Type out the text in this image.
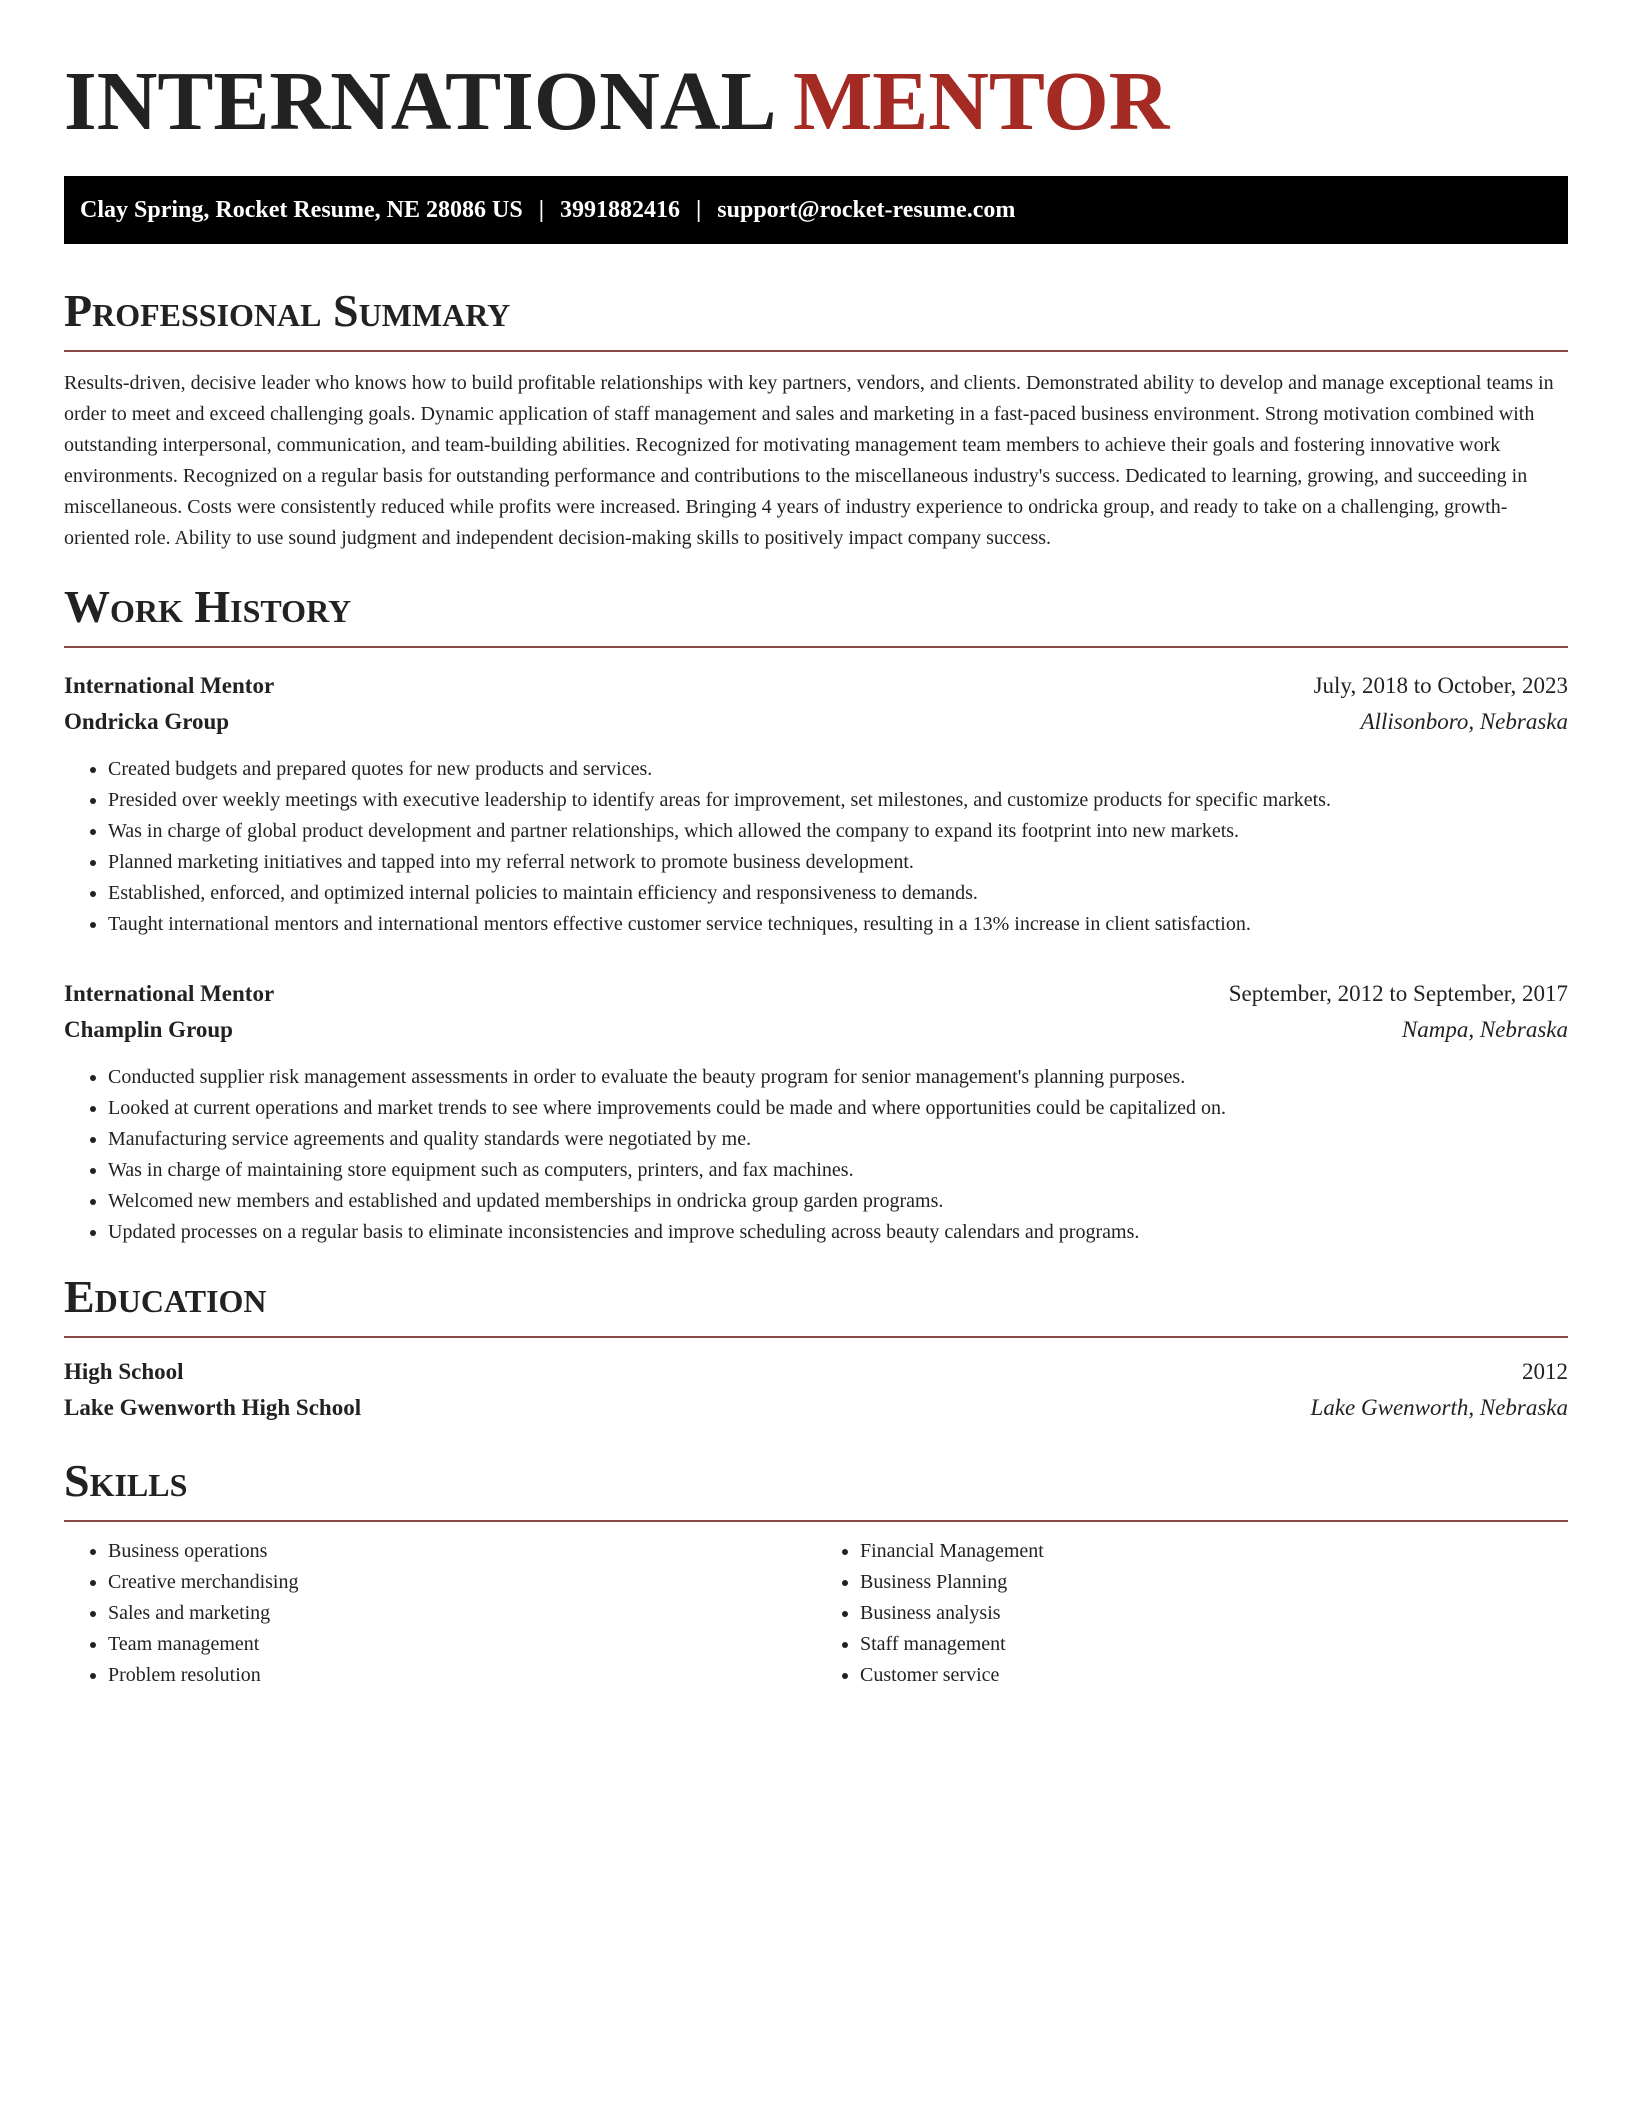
INTERNATIONAL MENTOR
Clay Spring, Rocket Resume, NE 28086 US | 3991882416 | support@rocket-resume.com
Professional Summary

Results-driven, decisive leader who knows how to build profitable relationships with key partners, vendors, and clients. Demonstrated ability to develop and manage exceptional teams in order to meet and exceed challenging goals. Dynamic application of staff management and sales and marketing in a fast-paced business environment. Strong motivation combined with outstanding interpersonal, communication, and team-building abilities. Recognized for motivating management team members to achieve their goals and fostering innovative work environments. Recognized on a regular basis for outstanding performance and contributions to the miscellaneous industry's success. Dedicated to learning, growing, and succeeding in miscellaneous. Costs were consistently reduced while profits were increased. Bringing 4 years of industry experience to ondricka group, and ready to take on a challenging, growth-oriented role. Ability to use sound judgment and independent decision-making skills to positively impact company success.

Work History
International Mentor	July, 2018 to October, 2023
Ondricka Group	Allisonboro, Nebraska
• Created budgets and prepared quotes for new products and services.
• Presided over weekly meetings with executive leadership to identify areas for improvement, set milestones, and customize products for specific markets.
• Was in charge of global product development and partner relationships, which allowed the company to expand its footprint into new markets.
• Planned marketing initiatives and tapped into my referral network to promote business development.
• Established, enforced, and optimized internal policies to maintain efficiency and responsiveness to demands.
• Taught international mentors and international mentors effective customer service techniques, resulting in a 13% increase in client satisfaction.
International Mentor	September, 2012 to September, 2017
Champlin Group	Nampa, Nebraska
• Conducted supplier risk management assessments in order to evaluate the beauty program for senior management's planning purposes.
• Looked at current operations and market trends to see where improvements could be made and where opportunities could be capitalized on.
• Manufacturing service agreements and quality standards were negotiated by me.
• Was in charge of maintaining store equipment such as computers, printers, and fax machines.
• Welcomed new members and established and updated memberships in ondricka group garden programs.
• Updated processes on a regular basis to eliminate inconsistencies and improve scheduling across beauty calendars and programs.
Education
High School	2012
Lake Gwenworth High School	Lake Gwenworth, Nebraska
Skills
• Business operations
• Creative merchandising
• Sales and marketing
• Team management
• Problem resolution
• Financial Management
• Business Planning
• Business analysis
• Staff management
• Customer service
